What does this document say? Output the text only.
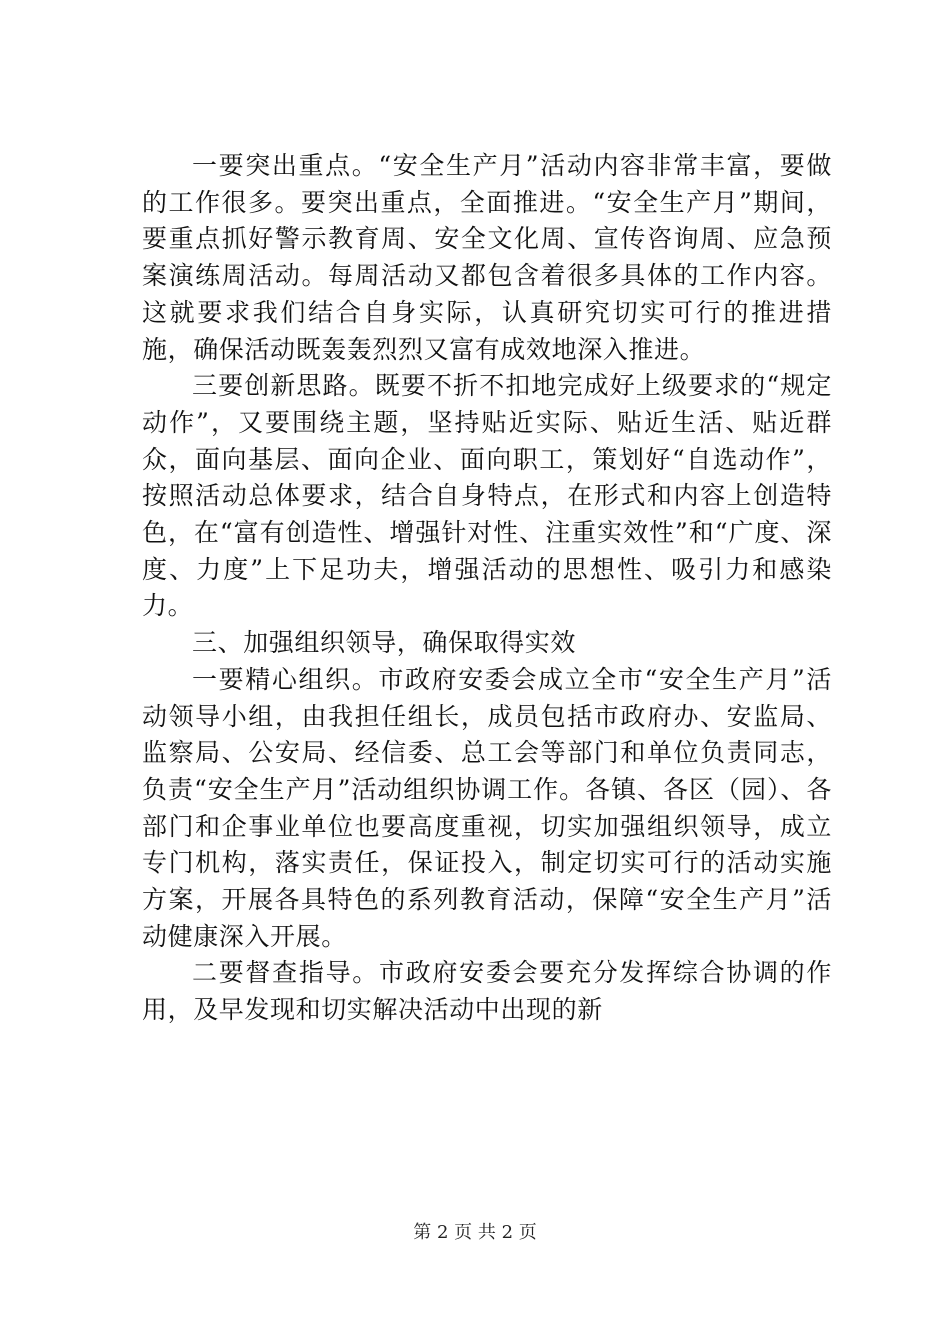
一要突出重点。“安全生产月”活动内容非常丰富，要做的工作很多。要突出重点，全面推进。“安全生产月”期间，要重点抓好警示教育周、安全文化周、宣传咨询周、应急预案演练周活动。每周活动又都包含着很多具体的工作内容。这就要求我们结合自身实际，认真研究切实可行的推进措施，确保活动既轰轰烈烈又富有成效地深入推进。

三要创新思路。既要不折不扣地完成好上级要求的“规定动作”，又要围绕主题，坚持贴近实际、贴近生活、贴近群众，面向基层、面向企业、面向职工，策划好“自选动作”，按照活动总体要求，结合自身特点，在形式和内容上创造特色，在“富有创造性、增强针对性、注重实效性”和“广度、深度、力度”上下足功夫，增强活动的思想性、吸引力和感染力。

三、加强组织领导，确保取得实效

一要精心组织。市政府安委会成立全市“安全生产月”活动领导小组，由我担任组长，成员包括市政府办、安监局、监察局、公安局、经信委、总工会等部门和单位负责同志，负责“安全生产月”活动组织协调工作。各镇、各区（园）、各部门和企事业单位也要高度重视，切实加强组织领导，成立专门机构，落实责任，保证投入，制定切实可行的活动实施方案，开展各具特色的系列教育活动，保障“安全生产月”活动健康深入开展。

二要督查指导。市政府安委会要充分发挥综合协调的作用，及早发现和切实解决活动中出现的新

第 2 页 共 2 页
